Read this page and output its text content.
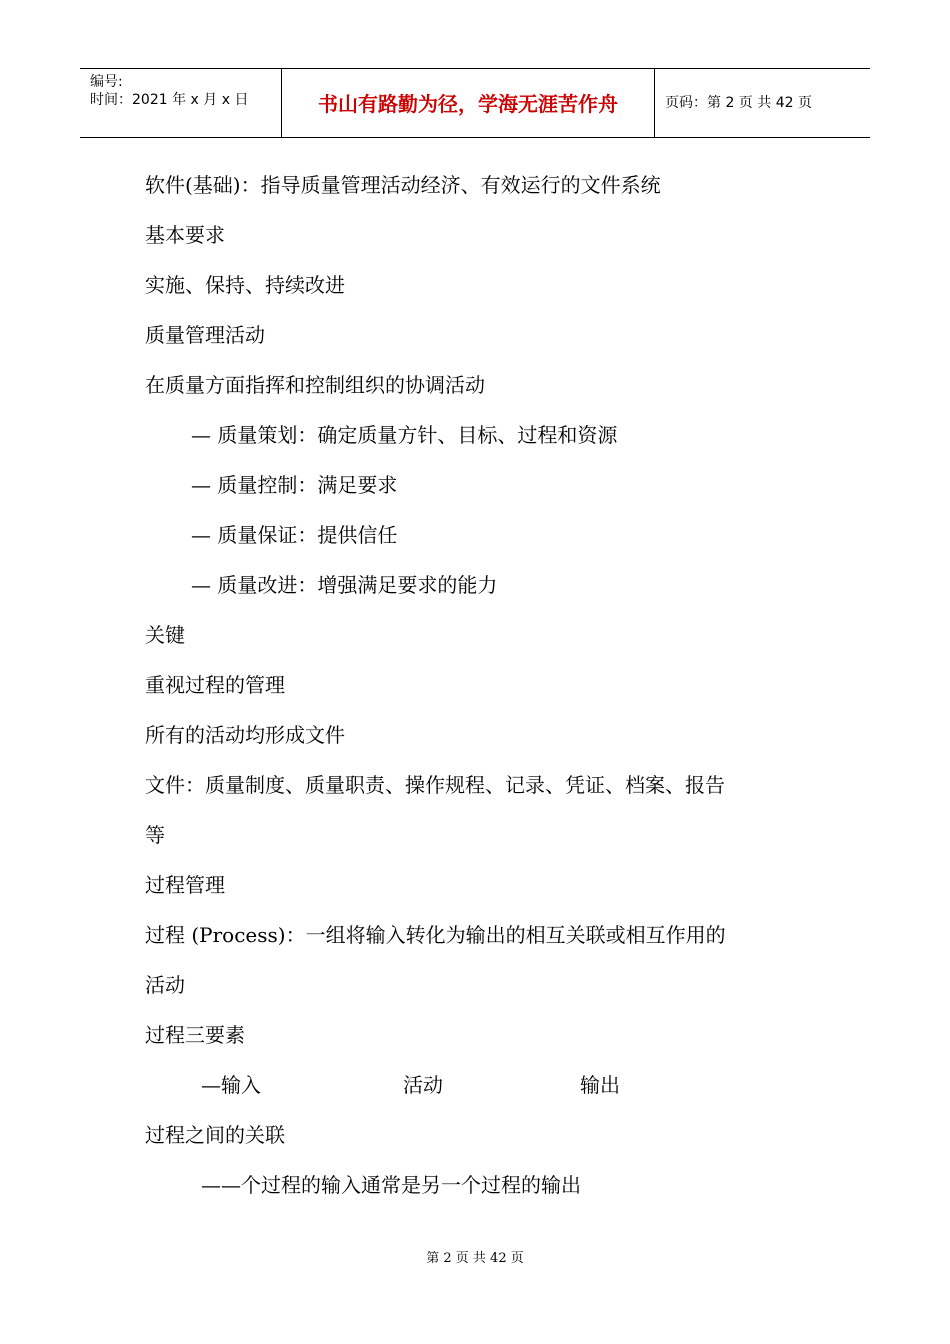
编号:
时间：2021 年 x 月 x 日	书山有路勤为径，学海无涯苦作舟	页码：第 2 页 共 42 页
软件(基础)：指导质量管理活动经济、有效运行的文件系统
基本要求
实施、保持、持续改进
质量管理活动
在质量方面指挥和控制组织的协调活动
— 质量策划：确定质量方针、目标、过程和资源
— 质量控制：满足要求
— 质量保证：提供信任
— 质量改进：增强满足要求的能力
关键
重视过程的管理
所有的活动均形成文件
文件：质量制度、质量职责、操作规程、记录、凭证、档案、报告
等
过程管理
过程 (Process)：一组将输入转化为输出的相互关联或相互作用的
活动
过程三要素
—输入	活动	输出
过程之间的关联
——个过程的输入通常是另一个过程的输出
第 2 页 共 42 页
